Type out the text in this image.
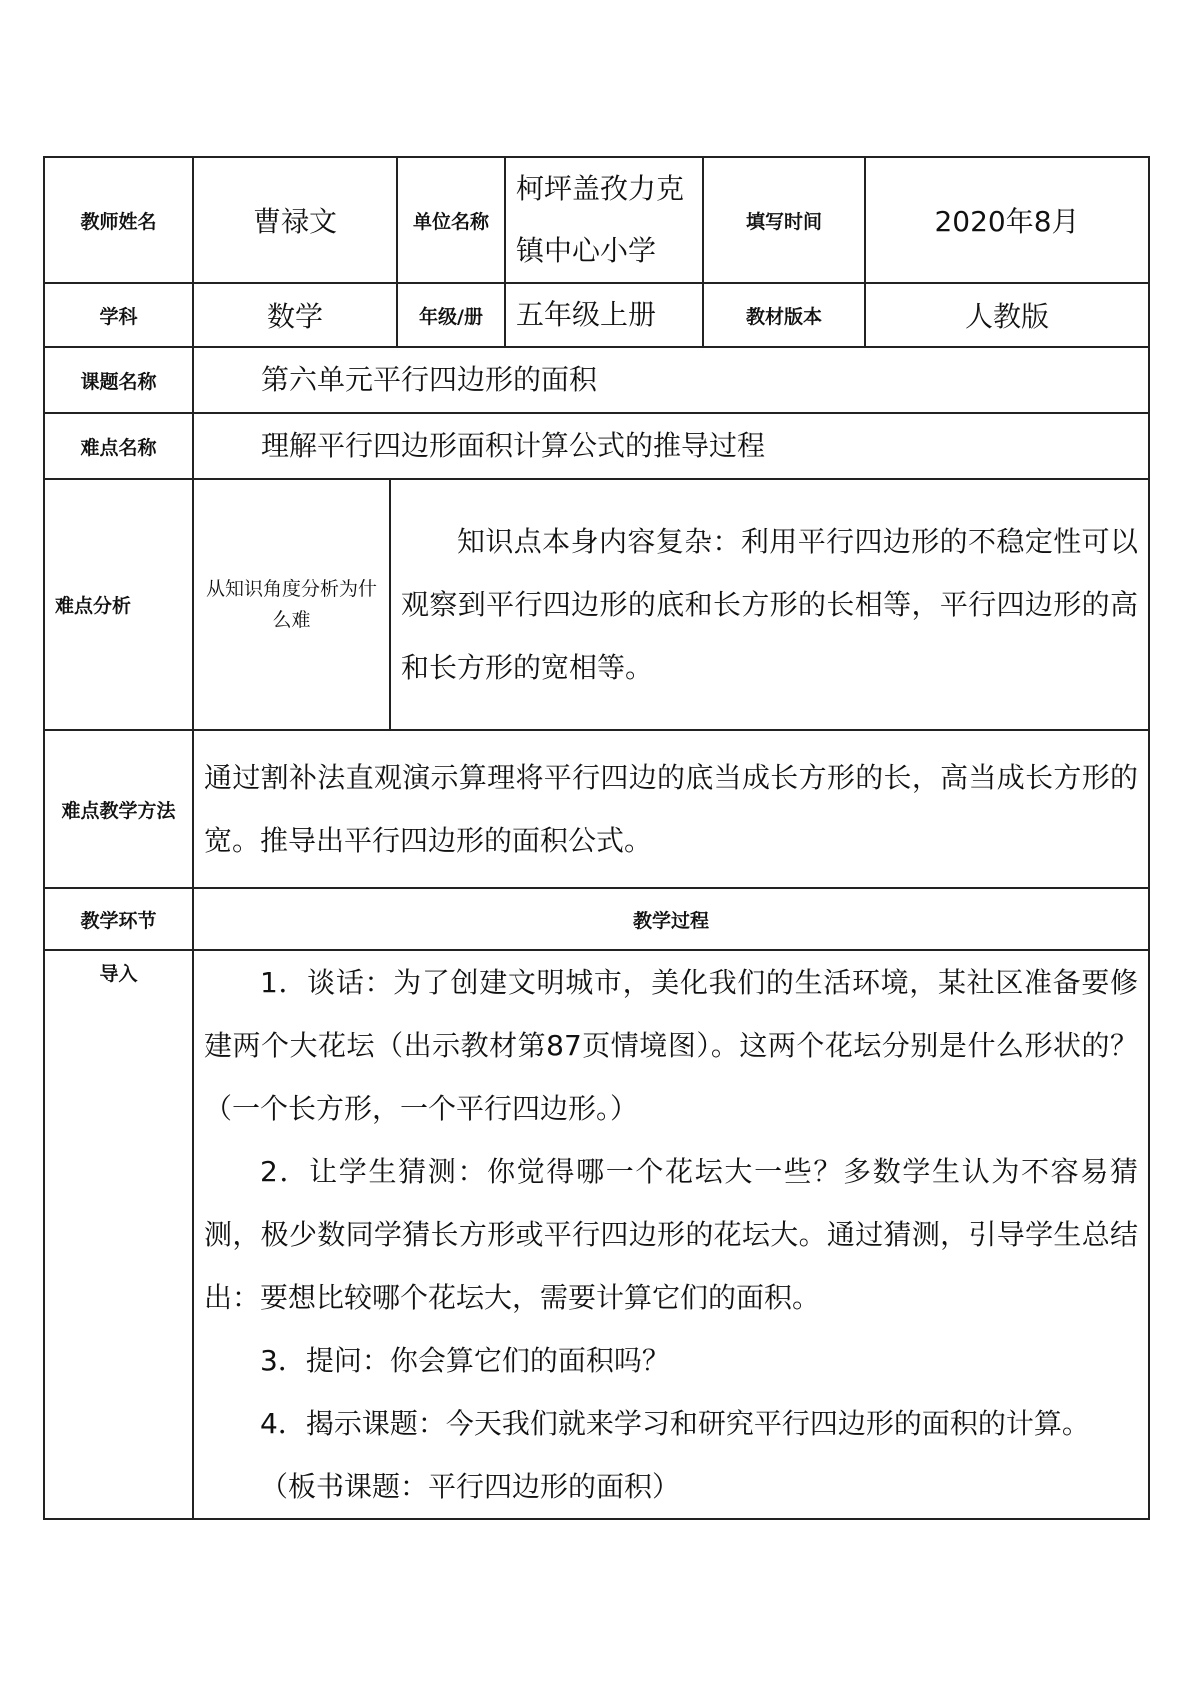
教师姓名	曹禄文		单位名称	柯坪盖孜力克镇中心小学	填写时间	2020年8月
学科	数学		年级/册	五年级上册	教材版本	人教版
课题名称	第六单元平行四边形的面积					
难点名称	理解平行四边形面积计算公式的推导过程					
难点分析	从知识角度分析为什么难	知识点本身内容复杂：利用平行四边形的不稳定性可以观察到平行四边形的底和长方形的长相等，平行四边形的高和长方形的宽相等。				

难点教学方法	通过割补法直观演示算理将平行四边的底当成长方形的长，高当成长方形的宽。推导出平行四边形的面积公式。					

教学环节	教学过程					
导入	1．谈话：为了创建文明城市，美化我们的生活环境，某社区准备要修建两个大花坛（出示教材第87页情境图）。这两个花坛分别是什么形状的？（一个长方形，一个平行四边形。）

2．让学生猜测：你觉得哪一个花坛大一些？多数学生认为不容易猜测，极少数同学猜长方形或平行四边形的花坛大。通过猜测，引导学生总结出：要想比较哪个花坛大，需要计算它们的面积。

3．提问：你会算它们的面积吗？

4．揭示课题：今天我们就来学习和研究平行四边形的面积的计算。

（板书课题：平行四边形的面积）					
